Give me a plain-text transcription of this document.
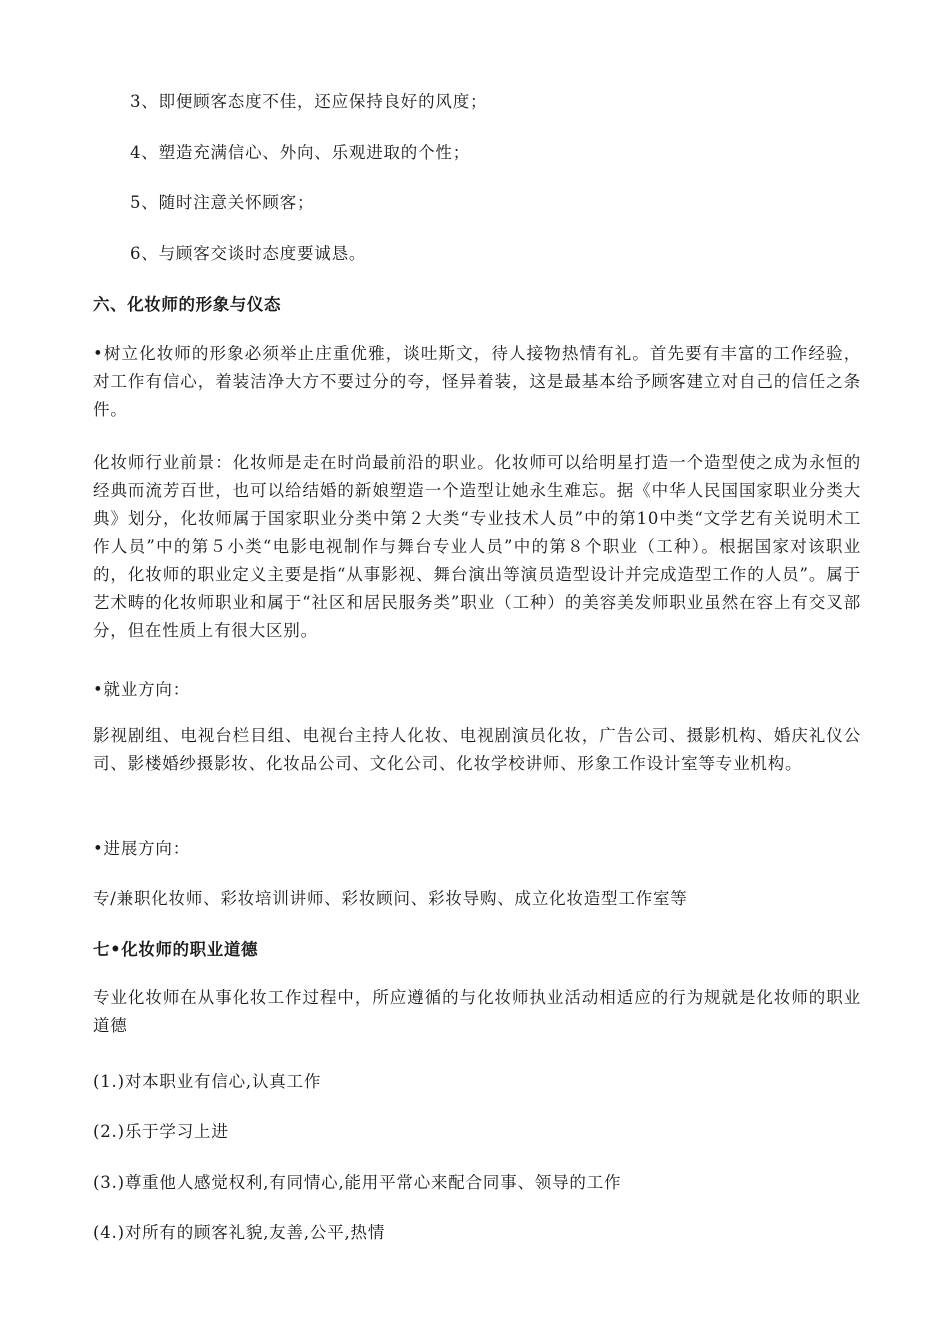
3、即便顾客态度不佳，还应保持良好的风度；
4、塑造充满信心、外向、乐观进取的个性；
5、随时注意关怀顾客；
6、与顾客交谈时态度要诚恳。
六、化妆师的形象与仪态
•树立化妆师的形象必须举止庄重优雅，谈吐斯文，待人接物热情有礼。首先要有丰富的工作经验，对工作有信心，着装洁净大方不要过分的夸，怪异着装，这是最基本给予顾客建立对自己的信任之条件。
化妆师行业前景：化妆师是走在时尚最前沿的职业。化妆师可以给明星打造一个造型使之成为永恒的经典而流芳百世，也可以给结婚的新娘塑造一个造型让她永生难忘。据《中华人民国国家职业分类大典》划分，化妆师属于国家职业分类中第２大类“专业技术人员”中的第10中类“文学艺有关说明术工作人员”中的第５小类“电影电视制作与舞台专业人员”中的第８个职业（工种）。根据国家对该职业的，化妆师的职业定义主要是指“从事影视、舞台演出等演员造型设计并完成造型工作的人员”。属于艺术畴的化妆师职业和属于“社区和居民服务类”职业（工种）的美容美发师职业虽然在容上有交叉部分，但在性质上有很大区别。
•就业方向：
影视剧组、电视台栏目组、电视台主持人化妆、电视剧演员化妆，广告公司、摄影机构、婚庆礼仪公司、影楼婚纱摄影妆、化妆品公司、文化公司、化妆学校讲师、形象工作设计室等专业机构。
•进展方向：
专/兼职化妆师、彩妆培训讲师、彩妆顾问、彩妆导购、成立化妆造型工作室等
七•化妆师的职业道德
专业化妆师在从事化妆工作过程中，所应遵循的与化妆师执业活动相适应的行为规就是化妆师的职业道德
(1.)对本职业有信心,认真工作
(2.)乐于学习上进
(3.)尊重他人感觉权利,有同情心,能用平常心来配合同事、领导的工作
(4.)对所有的顾客礼貌,友善,公平,热情
